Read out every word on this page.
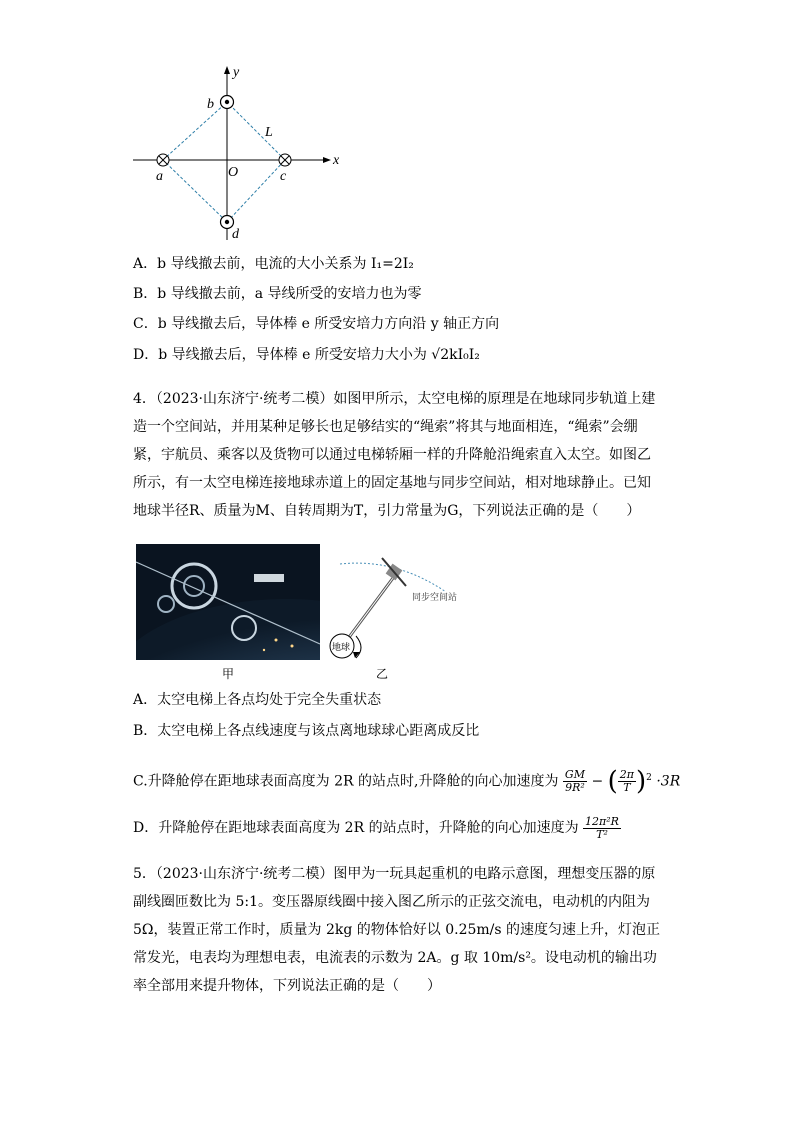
y
x
b
L
a	O	c
d
A．b 导线撤去前，电流的大小关系为 I₁=2I₂
B．b 导线撤去前，a 导线所受的安培力也为零
C．b 导线撤去后，导体棒 e 所受安培力方向沿 y 轴正方向
D．b 导线撤去后，导体棒 e 所受安培力大小为 √2kI₀I₂
4．（2023·山东济宁·统考二模）如图甲所示，太空电梯的原理是在地球同步轨道上建造一个空间站，并用某种足够长也足够结实的“绳索”将其与地面相连，“绳索”会绷紧，宇航员、乘客以及货物可以通过电梯轿厢一样的升降舱沿绳索直入太空。如图乙所示，有一太空电梯连接地球赤道上的固定基地与同步空间站，相对地球静止。已知地球半径R、质量为M、自转周期为T，引力常量为G，下列说法正确的是（　　）
甲
地球
同步空间站
乙
A．太空电梯上各点均处于完全失重状态
B．太空电梯上各点线速度与该点离地球球心距离成反比
C.升降舱停在距地球表面高度为 2R 的站点时,升降舱的向心加速度为 $\frac{GM}{\text{9R²}}$ − ( $\frac{2\pi}{T} )^2 \cdot 3R$
D．升降舱停在距地球表面高度为 2R 的站点时，升降舱的向心加速度为 $\frac{\text{12π²R}}{\text{T²}}$
5．（2023·山东济宁·统考二模）图甲为一玩具起重机的电路示意图，理想变压器的原副线圈匝数比为 5:1。变压器原线圈中接入图乙所示的正弦交流电，电动机的内阻为 5Ω，装置正常工作时，质量为 2kg 的物体恰好以 0.25m/s 的速度匀速上升，灯泡正常发光，电表均为理想电表，电流表的示数为 2A。g 取 10m/s²。设电动机的输出功率全部用来提升物体，下列说法正确的是（　　）
